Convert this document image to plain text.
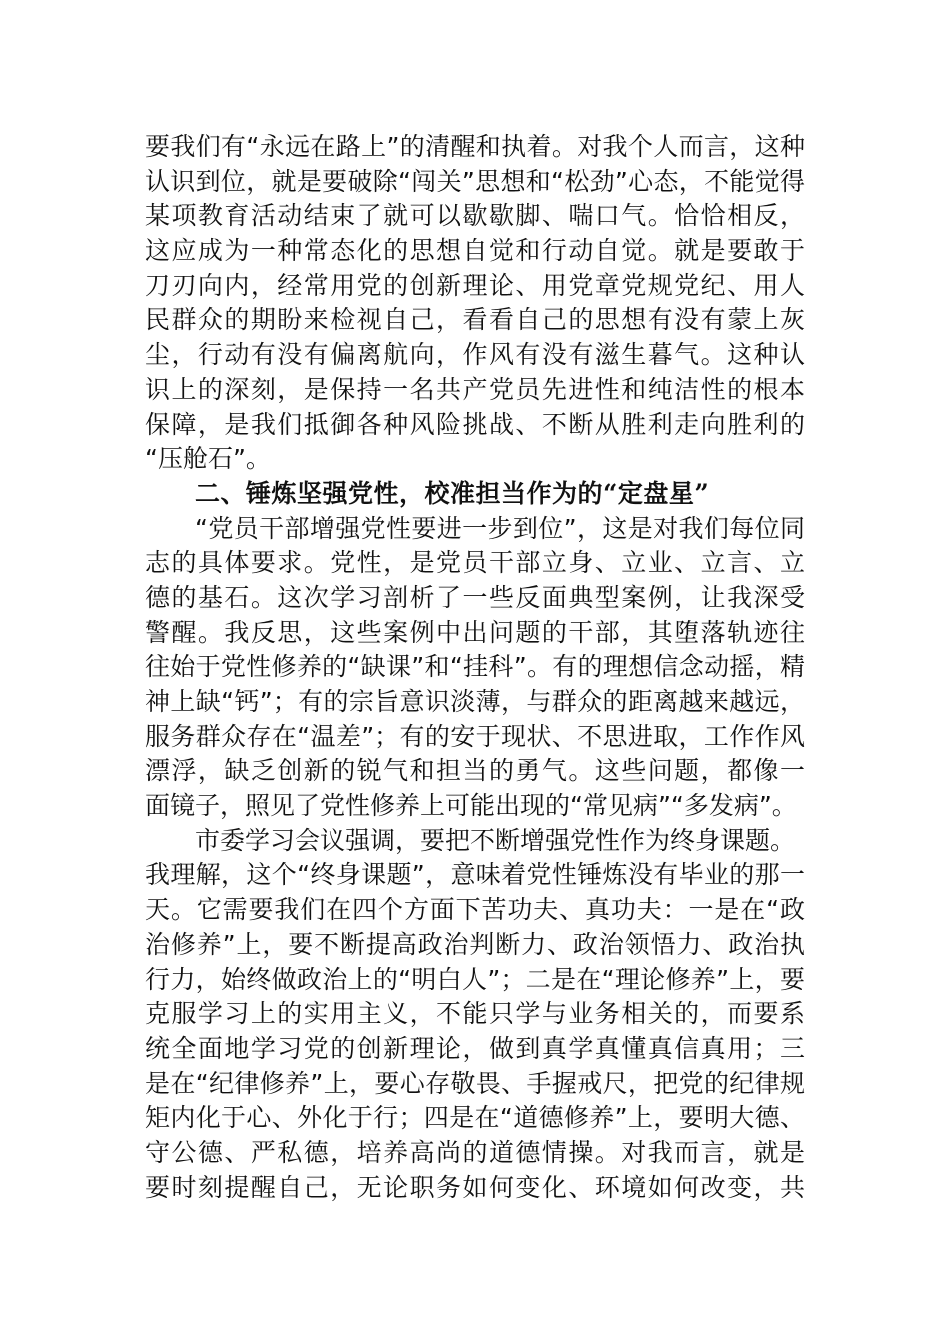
要我们有“永远在路上”的清醒和执着。对我个人而言，这种
认识到位，就是要破除“闯关”思想和“松劲”心态，不能觉得
某项教育活动结束了就可以歇歇脚、喘口气。恰恰相反，
这应成为一种常态化的思想自觉和行动自觉。就是要敢于
刀刃向内，经常用党的创新理论、用党章党规党纪、用人
民群众的期盼来检视自己，看看自己的思想有没有蒙上灰
尘，行动有没有偏离航向，作风有没有滋生暮气。这种认
识上的深刻，是保持一名共产党员先进性和纯洁性的根本
保障，是我们抵御各种风险挑战、不断从胜利走向胜利的
“压舱石”。
二、锤炼坚强党性，校准担当作为的“定盘星”
“党员干部增强党性要进一步到位”，这是对我们每位同
志的具体要求。党性，是党员干部立身、立业、立言、立
德的基石。这次学习剖析了一些反面典型案例，让我深受
警醒。我反思，这些案例中出问题的干部，其堕落轨迹往
往始于党性修养的“缺课”和“挂科”。有的理想信念动摇，精
神上缺“钙”；有的宗旨意识淡薄，与群众的距离越来越远，
服务群众存在“温差”；有的安于现状、不思进取，工作作风
漂浮，缺乏创新的锐气和担当的勇气。这些问题，都像一
面镜子，照见了党性修养上可能出现的“常见病”“多发病”。
市委学习会议强调，要把不断增强党性作为终身课题。
我理解，这个“终身课题”，意味着党性锤炼没有毕业的那一
天。它需要我们在四个方面下苦功夫、真功夫：一是在“政
治修养”上，要不断提高政治判断力、政治领悟力、政治执
行力，始终做政治上的“明白人”；二是在“理论修养”上，要
克服学习上的实用主义，不能只学与业务相关的，而要系
统全面地学习党的创新理论，做到真学真懂真信真用；三
是在“纪律修养”上，要心存敬畏、手握戒尺，把党的纪律规
矩内化于心、外化于行；四是在“道德修养”上，要明大德、
守公德、严私德，培养高尚的道德情操。对我而言，就是
要时刻提醒自己，无论职务如何变化、环境如何改变，共
